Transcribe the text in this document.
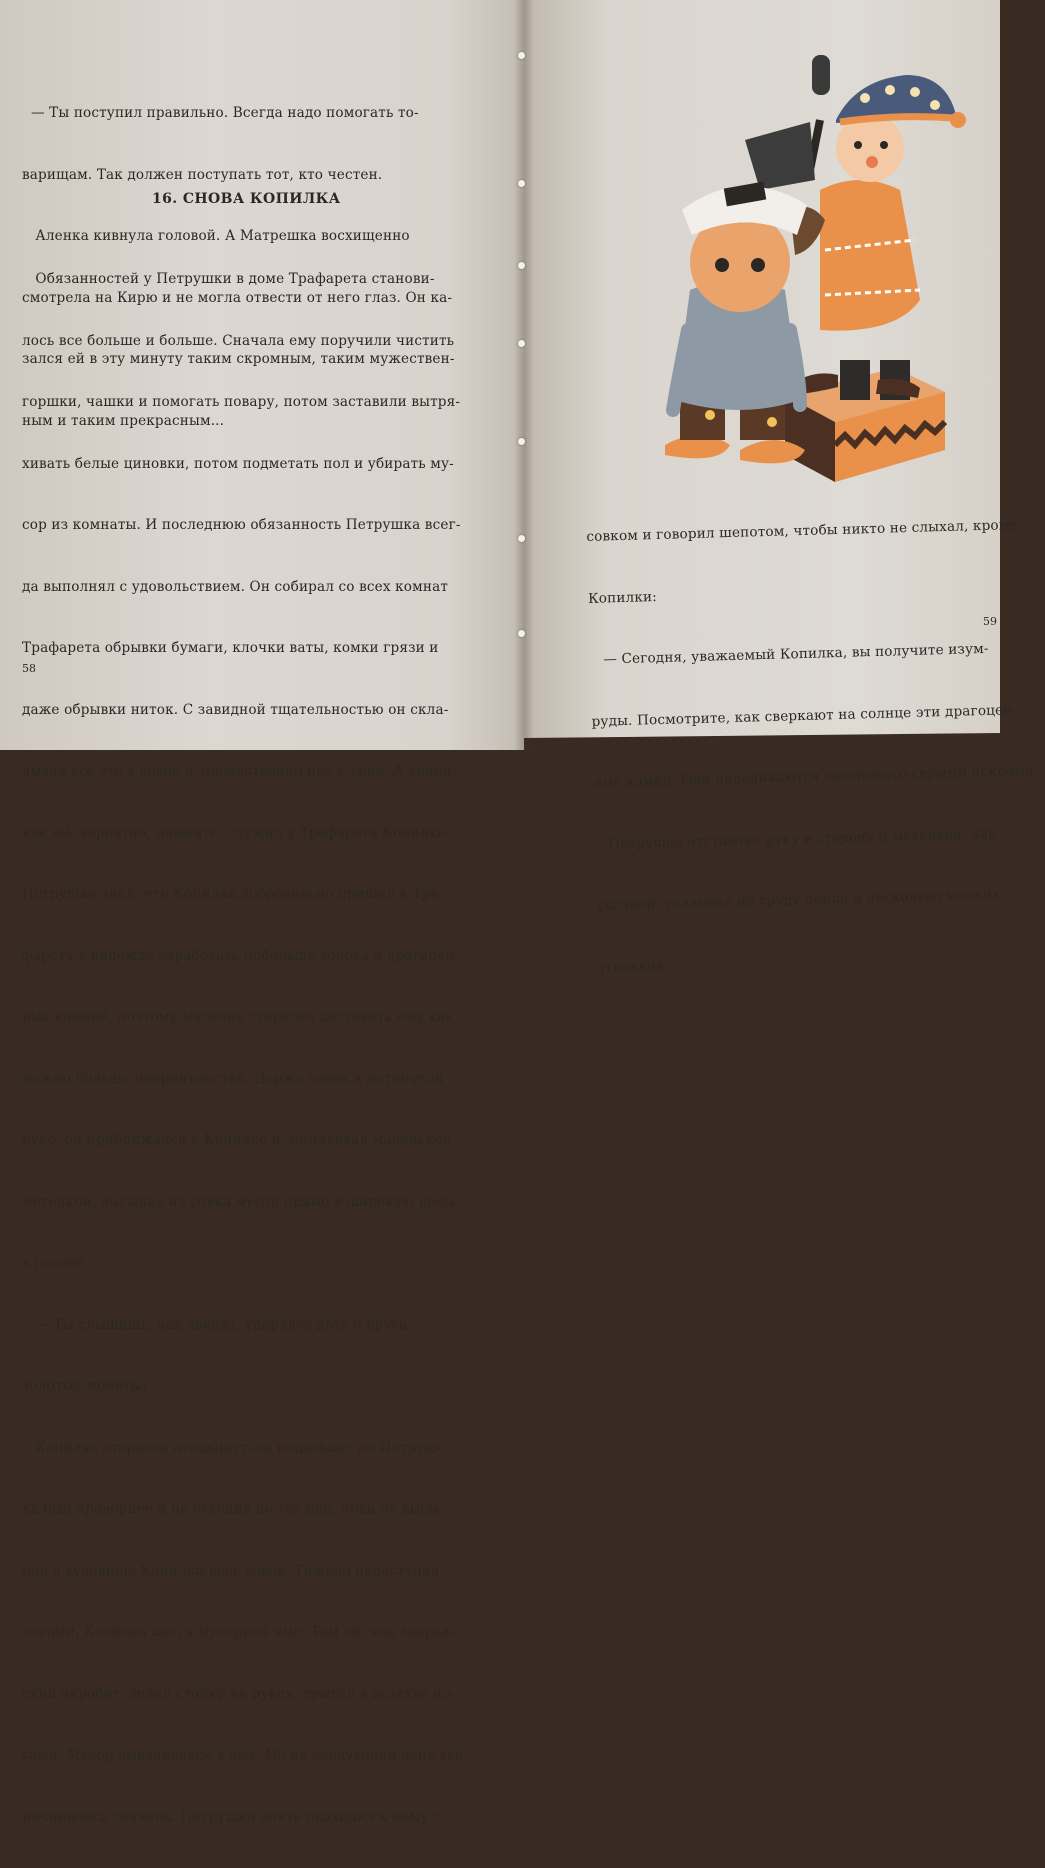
— Ты поступил правильно. Всегда надо помогать то-

варищам. Так должен поступать тот, кто честен.

Аленка кивнула головой. А Матрешка восхищенно

смотрела на Кирю и не могла отвести от него глаз. Он ка-

зался ей в эту минуту таким скромным, таким мужествен-

ным и таким прекрасным...

16. СНОВА КОПИЛКА

Обязанностей у Петрушки в доме Трафарета станови-

лось все больше и больше. Сначала ему поручили чистить

горшки, чашки и помогать повару, потом заставили вытря-

хивать белые циновки, потом подметать пол и убирать му-

сор из комнаты. И последнюю обязанность Петрушка всег-

да выполнял с удовольствием. Он собирал со всех комнат

Трафарета обрывки бумаги, клочки ваты, комки грязи и

даже обрывки ниток. С завидной тщательностью он скла-

дывал все это в совок и торжественно нес к урне. А урной,

как вы, вероятно, помните, служил у Трафарета Копилка.

Петрушка знал, что Копилка добровольно пришел к Тра-

фарету в надежде заработать побольше золота и драгоцен-

ных камней, поэтому мальчик старался доставить ему как

можно больше неприятностей. Держа совок в вытянутой

руке, он приближался к Копилке и, помахивая маленькой

метелкой, высыпал из совка мусор прямо в широкую щель

в голове.

— Ты слышишь, как звенят, ударяясь друг о друга,

золотые монеты?

Копилка старался отодвинуться подальше, но Петруш-

ка был проворнее и не отходил до тех пор, пока не высы-

пал в туловище Копилки весь совок. Тяжело переступая

ногами, Копилка шел к мусорной яме. Там он, как заправ-

ский акробат, делал стойку на руках, дрыгал в воздухе но-

гами. Мусор вываливался в яму. Но на следующий день все

начиналось сначала. Петрушка опять подходил к нему с

58

совком и говорил шепотом, чтобы никто не слыхал, кроме

Копилки:

— Сегодня, уважаемый Копилка, вы получите изум-

руды. Посмотрите, как сверкают на солнце эти драгоцен-

ные камни. Они переливаются зеленовато-серыми искрами.

Петрушка отставлял руку в сторону и метелкой, как

указкой, указывал на груду пепла и несколько мелких

угольков.

59
